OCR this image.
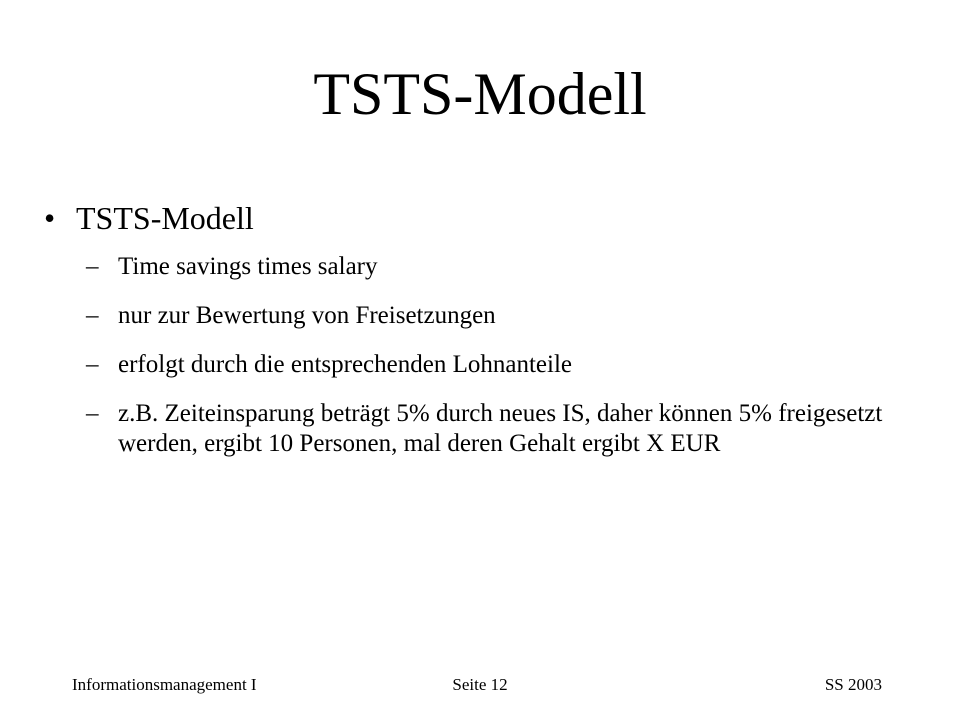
TSTS-Modell
• TSTS-Modell
– Time savings times salary
– nur zur Bewertung von Freisetzungen
– erfolgt durch die entsprechenden Lohnanteile
– z.B. Zeiteinsparung beträgt 5% durch neues IS, daher können 5% freigesetzt werden, ergibt 10 Personen, mal deren Gehalt ergibt X EUR
Informationsmanagement I	Seite 12	SS 2003
